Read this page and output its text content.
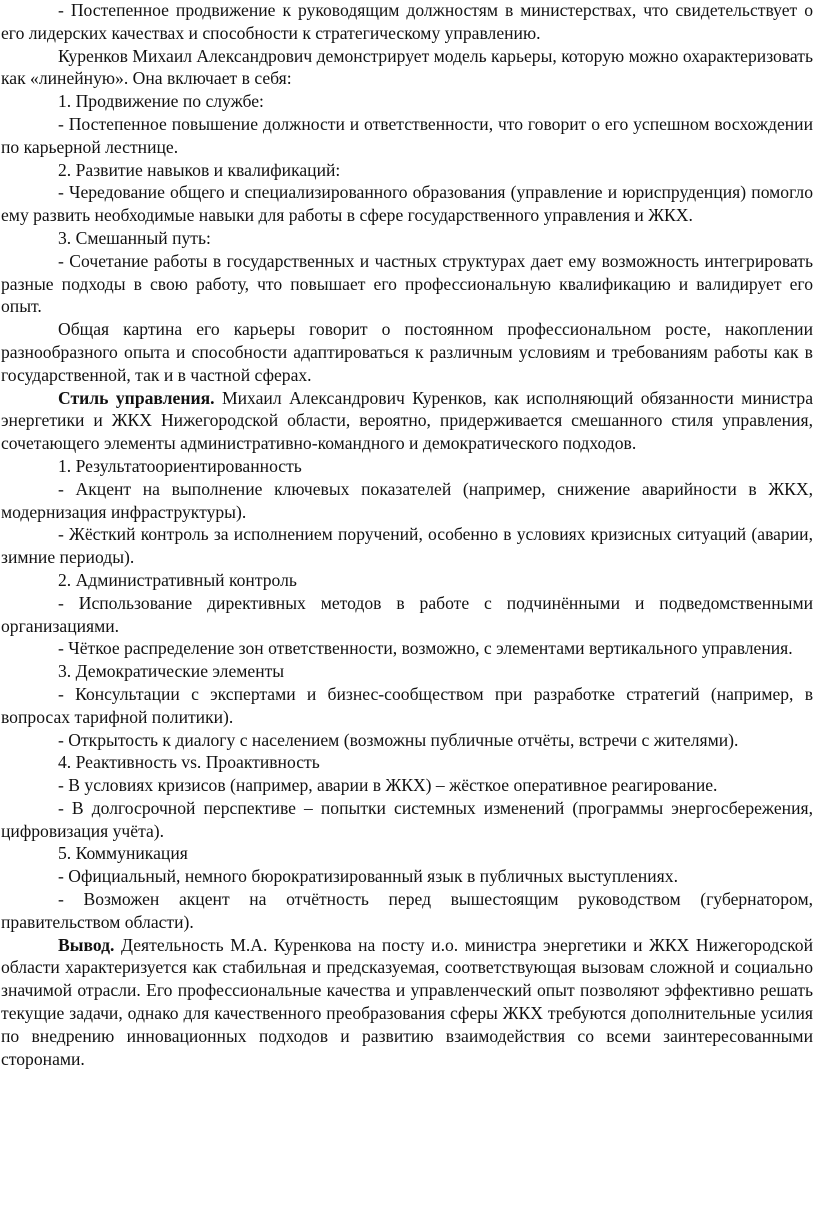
- Постепенное продвижение к руководящим должностям в министерствах, что свидетельствует о его лидерских качествах и способности к стратегическому управлению.

Куренков Михаил Александрович демонстрирует модель карьеры, которую можно охарактеризовать как «линейную». Она включает в себя:

1. Продвижение по службе:

- Постепенное повышение должности и ответственности, что говорит о его успешном восхождении по карьерной лестнице.

2. Развитие навыков и квалификаций:

- Чередование общего и специализированного образования (управление и юриспруденция) помогло ему развить необходимые навыки для работы в сфере государственного управления и ЖКХ.

3. Смешанный путь:

- Сочетание работы в государственных и частных структурах дает ему возможность интегрировать разные подходы в свою работу, что повышает его профессиональную квалификацию и валидирует его опыт.

Общая картина его карьеры говорит о постоянном профессиональном росте, накоплении разнообразного опыта и способности адаптироваться к различным условиям и требованиям работы как в государственной, так и в частной сферах.

Стиль управления. Михаил Александрович Куренков, как исполняющий обязанности министра энергетики и ЖКХ Нижегородской области, вероятно, придерживается смешанного стиля управления, сочетающего элементы административно-командного и демократического подходов.

1. Результатоориентированность

- Акцент на выполнение ключевых показателей (например, снижение аварийности в ЖКХ, модернизация инфраструктуры).

- Жёсткий контроль за исполнением поручений, особенно в условиях кризисных ситуаций (аварии, зимние периоды).

2. Административный контроль

- Использование директивных методов в работе с подчинёнными и подведомственными организациями.

- Чёткое распределение зон ответственности, возможно, с элементами вертикального управления.

3. Демократические элементы

- Консультации с экспертами и бизнес-сообществом при разработке стратегий (например, в вопросах тарифной политики).

- Открытость к диалогу с населением (возможны публичные отчёты, встречи с жителями).

4. Реактивность vs. Проактивность

- В условиях кризисов (например, аварии в ЖКХ) – жёсткое оперативное реагирование.

- В долгосрочной перспективе – попытки системных изменений (программы энергосбережения, цифровизация учёта).

5. Коммуникация

- Официальный, немного бюрократизированный язык в публичных выступлениях.

- Возможен акцент на отчётность перед вышестоящим руководством (губернатором, правительством области).

Вывод. Деятельность М.А. Куренкова на посту и.о. министра энергетики и ЖКХ Нижегородской области характеризуется как стабильная и предсказуемая, соответствующая вызовам сложной и социально значимой отрасли. Его профессиональные качества и управленческий опыт позволяют эффективно решать текущие задачи, однако для качественного преобразования сферы ЖКХ требуются дополнительные усилия по внедрению инновационных подходов и развитию взаимодействия со всеми заинтересованными сторонами.
